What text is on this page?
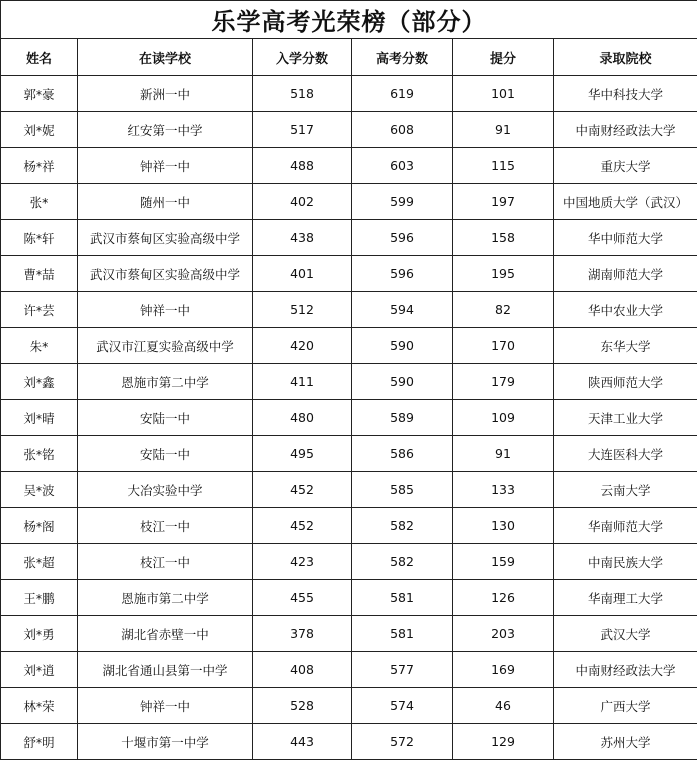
乐学高考光荣榜（部分）					
姓名	在读学校	入学分数	高考分数	提分	录取院校
郭*豪	新洲一中	518	619	101	华中科技大学
刘*妮	红安第一中学	517	608	91	中南财经政法大学
杨*祥	钟祥一中	488	603	115	重庆大学
张*	随州一中	402	599	197	中国地质大学（武汉）
陈*轩	武汉市蔡甸区实验高级中学	438	596	158	华中师范大学
曹*喆	武汉市蔡甸区实验高级中学	401	596	195	湖南师范大学
许*芸	钟祥一中	512	594	82	华中农业大学
朱*	武汉市江夏实验高级中学	420	590	170	东华大学
刘*鑫	恩施市第二中学	411	590	179	陕西师范大学
刘*晴	安陆一中	480	589	109	天津工业大学
张*铭	安陆一中	495	586	91	大连医科大学
吴*波	大冶实验中学	452	585	133	云南大学
杨*阁	枝江一中	452	582	130	华南师范大学
张*超	枝江一中	423	582	159	中南民族大学
王*鹏	恩施市第二中学	455	581	126	华南理工大学
刘*勇	湖北省赤壁一中	378	581	203	武汉大学
刘*逍	湖北省通山县第一中学	408	577	169	中南财经政法大学
林*荣	钟祥一中	528	574	46	广西大学
舒*明	十堰市第一中学	443	572	129	苏州大学
